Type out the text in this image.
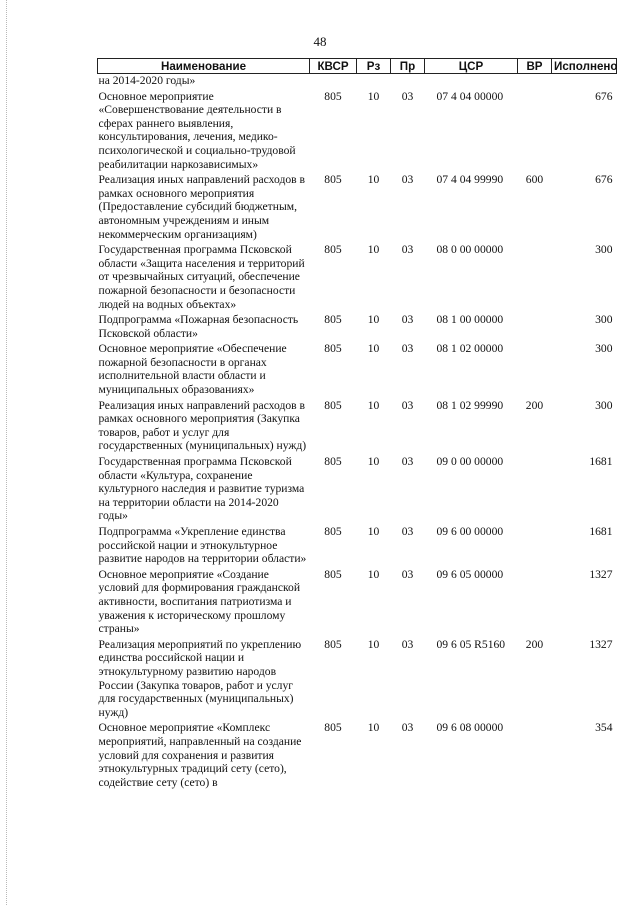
48
Наименование	КВСР	Рз	Пр	ЦСР	ВР	Исполнено
на 2014-2020 годы»						
Основное мероприятие «Совершенствование деятельности в сферах раннего выявления, консультирования, лечения, медико-психологической и социально-трудовой реабилитации наркозависимых»	805	10	03	07 4 04 00000		676
Реализация иных направлений расходов в рамках основного мероприятия (Предоставление субсидий бюджетным, автономным учреждениям и иным некоммерческим организациям)	805	10	03	07 4 04 99990	600	676
Государственная программа Псковской области «Защита населения и территорий от чрезвычайных ситуаций, обеспечение пожарной безопасности и безопасности людей на водных объектах»	805	10	03	08 0 00 00000		300
Подпрограмма «Пожарная безопасность Псковской области»	805	10	03	08 1 00 00000		300
Основное мероприятие «Обеспечение пожарной безопасности в органах исполнительной власти области и муниципальных образованиях»	805	10	03	08 1 02 00000		300
Реализация иных направлений расходов в рамках основного мероприятия (Закупка товаров, работ и услуг для государственных (муниципальных) нужд)	805	10	03	08 1 02 99990	200	300
Государственная программа Псковской области «Культура, сохранение культурного наследия и развитие туризма на территории области на 2014-2020 годы»	805	10	03	09 0 00 00000		1681
Подпрограмма «Укрепление единства российской нации и этнокультурное развитие народов на территории области»	805	10	03	09 6 00 00000		1681
Основное мероприятие «Создание условий для формирования гражданской активности, воспитания патриотизма и уважения к историческому прошлому страны»	805	10	03	09 6 05 00000		1327
Реализация мероприятий по укреплению единства российской нации и этнокультурному развитию народов России (Закупка товаров, работ и услуг для государственных (муниципальных) нужд)	805	10	03	09 6 05 R5160	200	1327
Основное мероприятие «Комплекс мероприятий, направленный на создание условий для сохранения и развития этнокультурных традиций сету (сето), содействие сету (сето) в	805	10	03	09 6 08 00000		354
